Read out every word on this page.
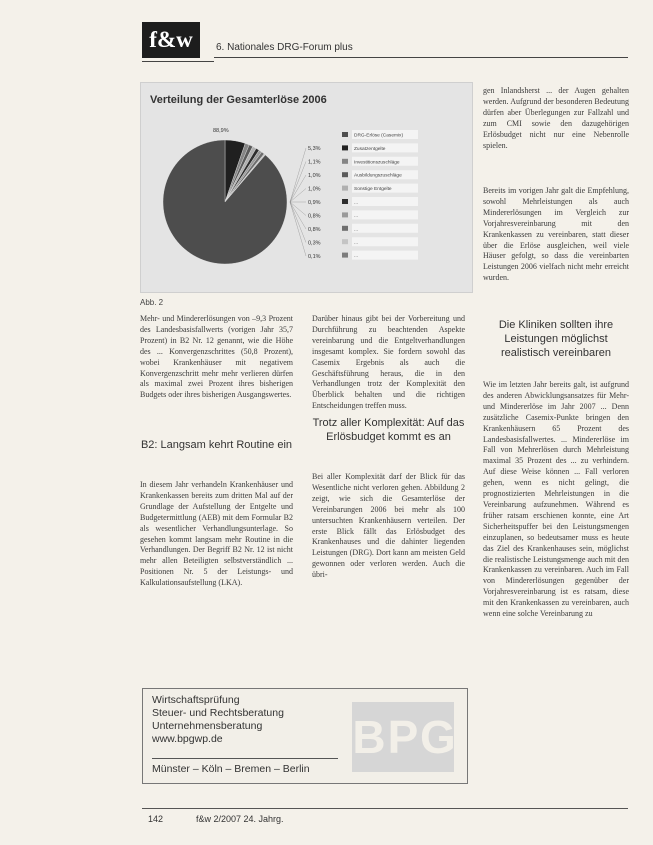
f&w	6. Nationales DRG-Forum plus
Verteilung der Gesamterlöse 2006
88,9%
5,3%
1,1%
1,0%
1,0%
0,9%
0,8%
0,8%
0,3%
0,1%
DRG-Erlöse (Casemix)
Zusatzentgelte
Investitionszuschläge
Ausbildungszuschläge
Sonstige Entgelte
...
...
...
...
...
Abb. 2
gen Inlandsherst ... der Augen gehalten werden. Aufgrund der besonderen Bedeutung dürfen aber Überlegungen zur Fallzahl und zum CMI sowie den dazugehörigen Erlösbudget nicht nur eine Nebenrolle spielen.
Bereits im vorigen Jahr galt die Empfehlung, sowohl Mehrleistungen als auch Mindererlösungen im Vergleich zur Vorjahresvereinbarung mit den Krankenkassen zu vereinbaren, statt dieser über die Erlöse ausgleichen, weil viele Häuser gefolgt, so dass die vereinbarten Leistungen 2006 vielfach nicht mehr erreicht wurden.
Die Kliniken sollten ihre Leistungen möglichst realistisch vereinbaren
Wie im letzten Jahr bereits galt, ist aufgrund des anderen Abwicklungsansatzes für Mehr- und Mindererlöse im Jahr 2007 ... Denn zusätzliche Casemix-Punkte bringen den Krankenhäusern 65 Prozent des Landesbasisfallwertes. ... Mindererlöse im Fall von Mehrerlösen durch Mehrleistung maximal 35 Prozent des ... zu verhindern. Auf diese Weise können ... Fall verloren gehen, wenn es nicht gelingt, die prognostizierten Mehrleistungen in die Vereinbarung aufzunehmen. Während es früher ratsam erschienen konnte, eine Art Sicherheitspuffer bei den Leistungsmengen einzuplanen, so bedeutsamer muss es heute das Ziel des Krankenhauses sein, möglichst die realistische Leistungsmenge auch mit den Krankenkassen zu vereinbaren. Auch im Fall von Mindererlösungen gegenüber der Vorjahresvereinbarung ist es ratsam, diese mit den Krankenkassen zu vereinbaren, auch wenn eine solche Vereinbarung zu
Mehr- und Mindererlösungen von –9,3 Prozent des Landesbasisfallwerts (vorigen Jahr 35,7 Prozent) in B2 Nr. 12 genannt, wie die Höhe des ... Konvergenzschrittes (50,8 Prozent), wobei Krankenhäuser mit negativem Konvergenzschritt mehr mehr verlieren dürfen als maximal zwei Prozent ihres bisherigen Budgets oder ihres bisherigen Ausgangswertes.
B2: Langsam kehrt Routine ein
In diesem Jahr verhandeln Krankenhäuser und Krankenkassen bereits zum dritten Mal auf der Grundlage der Aufstellung der Entgelte und Budgetermittlung (AEB) mit dem Formular B2 als wesentlicher Verhandlungsunterlage. So gesehen kommt langsam mehr Routine in die Verhandlungen. Der Begriff B2 Nr. 12 ist nicht mehr allen Beteiligten selbstverständlich ... Positionen Nr. 5 der Leistungs- und Kalkulationsaufstellung (LKA).
Darüber hinaus gibt bei der Vorbereitung und Durchführung zu beachtenden Aspekte vereinbarung und die Entgeltverhandlungen insgesamt komplex. Sie fordern sowohl das Casemix Ergebnis als auch die Geschäftsführung heraus, die in den Verhandlungen trotz der Komplexität den Überblick behalten und die richtigen Entscheidungen treffen muss.
Trotz aller Komplexität: Auf das Erlösbudget kommt es an
Bei aller Komplexität darf der Blick für das Wesentliche nicht verloren gehen. Abbildung 2 zeigt, wie sich die Gesamterlöse der Vereinbarungen 2006 bei mehr als 100 untersuchten Krankenhäusern verteilen. Der erste Blick fällt das Erlösbudget des Krankenhauses und die dahinter liegenden Leistungen (DRG). Dort kann am meisten Geld gewonnen oder verloren werden. Auch die übri-
Wirtschaftsprüfung
Steuer- und Rechtsberatung
Unternehmensberatung
www.bpgwp.de
Münster – Köln – Bremen – Berlin
B P G
142	f&w 2/2007 24. Jahrg.
